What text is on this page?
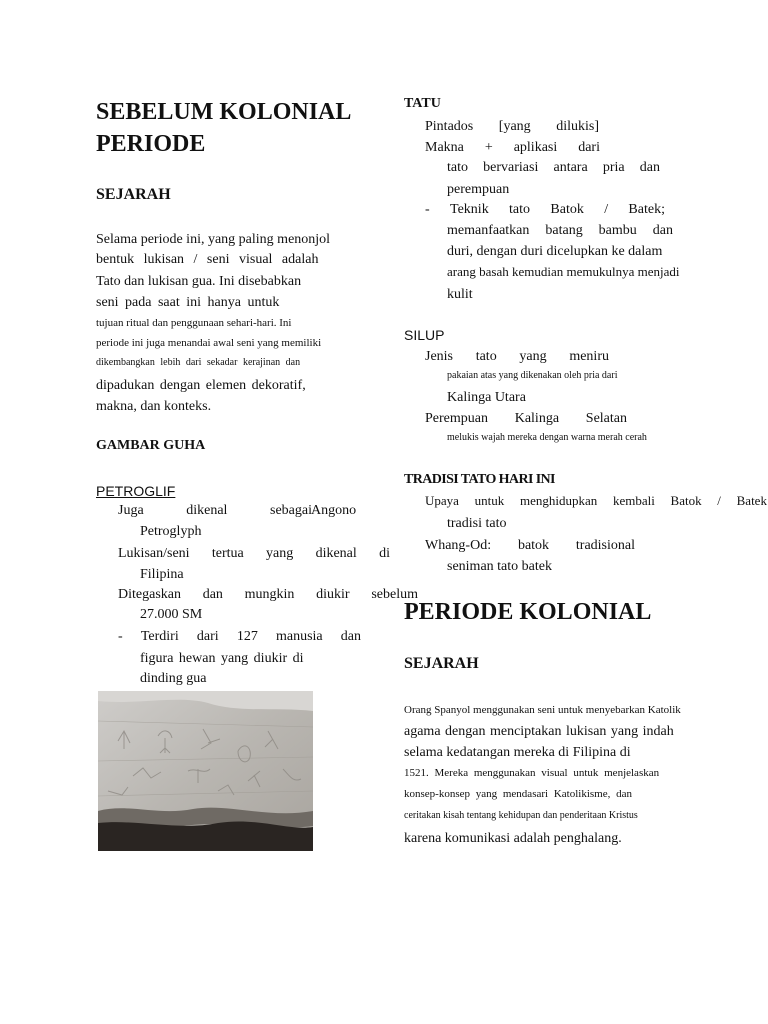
SEBELUM KOLONIAL
PERIODE
SEJARAH
Selama periode ini, yang paling menonjol
bentuk lukisan / seni visual adalah
Tato dan lukisan gua. Ini disebabkan
seni pada saat ini hanya untuk
tujuan ritual dan penggunaan sehari-hari. Ini
periode ini juga menandai awal seni yang memiliki
dikembangkan lebih dari sekadar kerajinan dan
dipadukan dengan elemen dekoratif,
makna, dan konteks.
GAMBAR GUHA
PETROGLIF
Juga	dikenal	sebagai Angono
Petroglyph
Lukisan/seni tertua yang dikenal di
Filipina
Ditegaskan dan mungkin diukir sebelum
27.000 SM
- Terdiri dari 127 manusia dan
figura hewan yang diukir di
dinding gua
TATU
Pintados [yang dilukis]
Makna + aplikasi dari
tato bervariasi antara pria dan
perempuan
- Teknik tato Batok / Batek;
memanfaatkan batang bambu dan
duri, dengan duri dicelupkan ke dalam
arang basah kemudian memukulnya menjadi
kulit
SILUP
Jenis tato yang meniru
pakaian atas yang dikenakan oleh pria dari
Kalinga Utara
Perempuan Kalinga Selatan
melukis wajah mereka dengan warna merah cerah
TRADISI TATO HARI INI
Upaya untuk menghidupkan kembali Batok / Batek
tradisi tato
Whang-Od: batok tradisional
seniman tato batek
PERIODE KOLONIAL
SEJARAH
Orang Spanyol menggunakan seni untuk menyebarkan Katolik
agama dengan menciptakan lukisan yang indah
selama kedatangan mereka di Filipina di
1521. Mereka menggunakan visual untuk menjelaskan
konsep-konsep yang mendasari Katolikisme, dan
ceritakan kisah tentang kehidupan dan penderitaan Kristus
karena komunikasi adalah penghalang.
